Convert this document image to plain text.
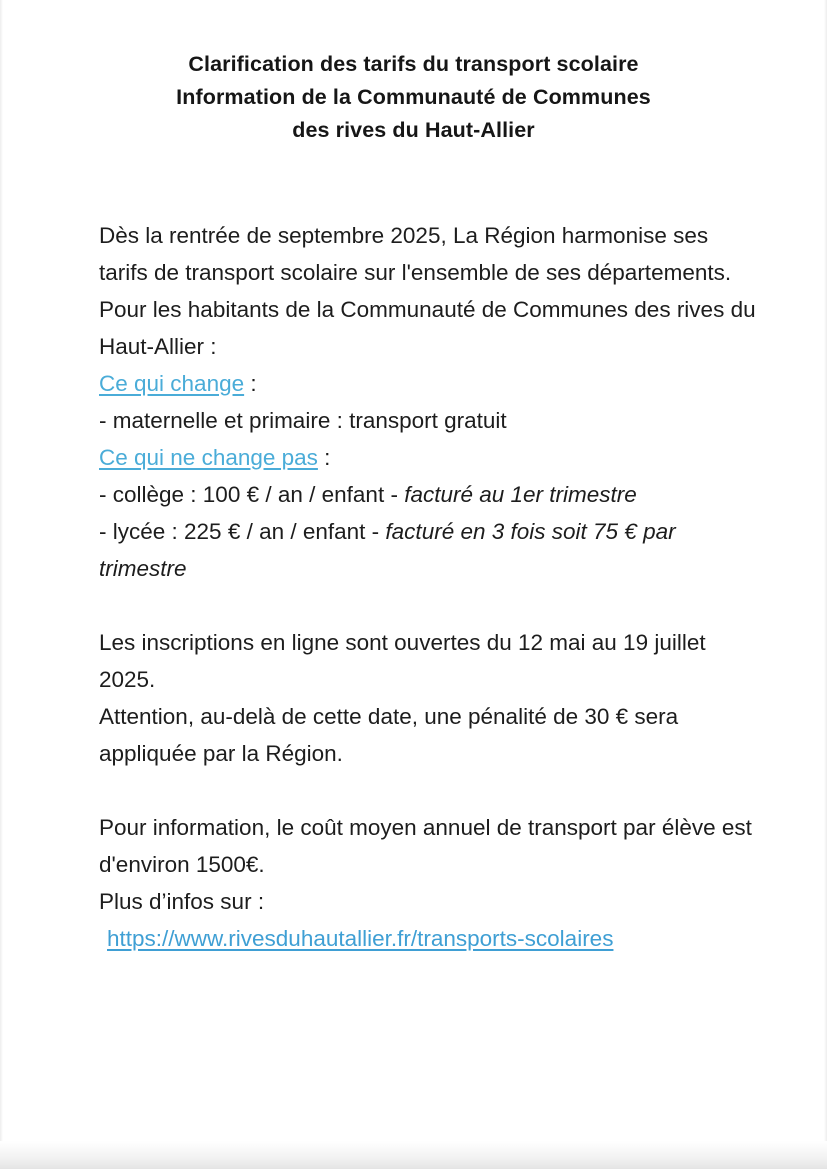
Clarification des tarifs du transport scolaire
Information de la Communauté de Communes
des rives du Haut-Allier
Dès la rentrée de septembre 2025, La Région harmonise ses tarifs de transport scolaire sur l'ensemble de ses départements.
Pour les habitants de la Communauté de Communes des rives du Haut-Allier :
Ce qui change :
- maternelle et primaire : transport gratuit
Ce qui ne change pas :
- collège : 100 € / an / enfant - facturé au 1er trimestre
- lycée : 225 € / an / enfant - facturé en 3 fois soit 75 € par trimestre
Les inscriptions en ligne sont ouvertes du 12 mai au 19 juillet 2025.
Attention, au-delà de cette date, une pénalité de 30 € sera appliquée par la Région.
Pour information, le coût moyen annuel de transport par élève est d'environ 1500€.
Plus d’infos sur :
https://www.rivesduhautallier.fr/transports-scolaires
